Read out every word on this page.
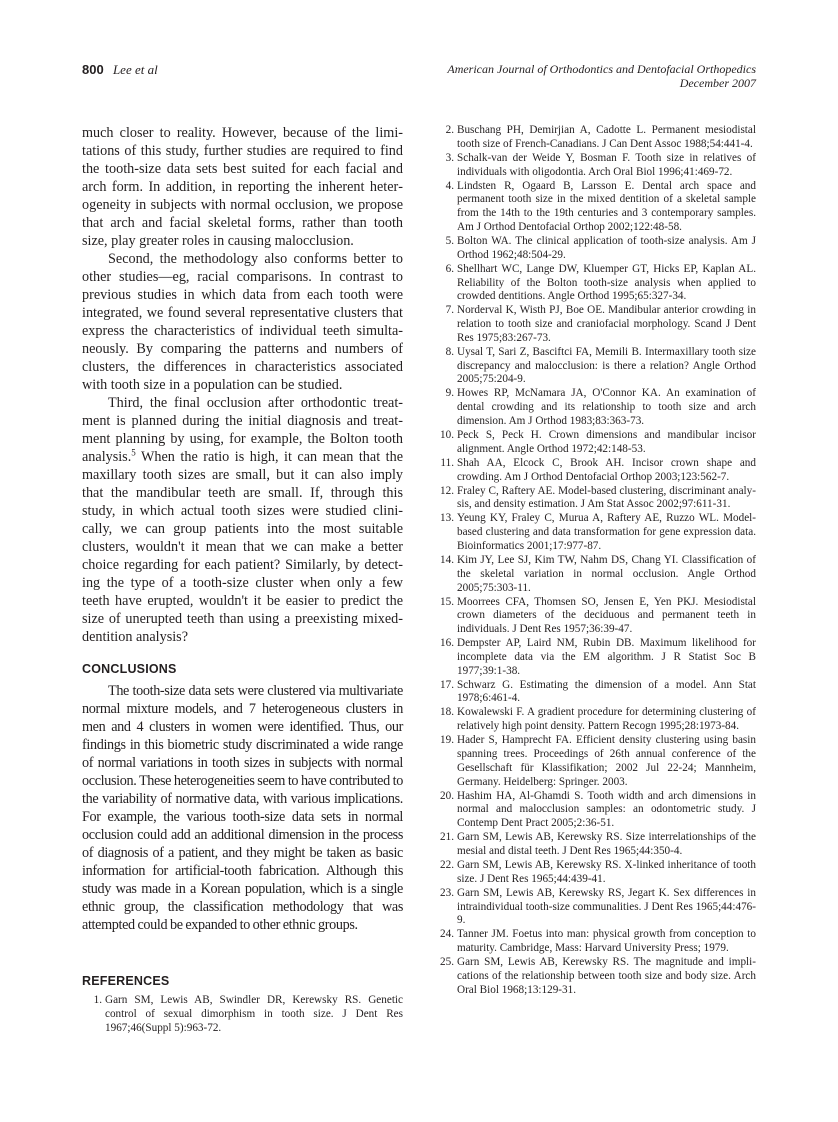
800 Lee et al	American Journal of Orthodontics and Dentofacial Orthopedics
December 2007

much closer to reality. However, because of the limitations of this study, further studies are required to find the tooth-size data sets best suited for each facial and arch form. In addition, in reporting the inherent heterogeneity in subjects with normal occlusion, we propose that arch and facial skeletal forms, rather than tooth size, play greater roles in causing malocclusion.

Second, the methodology also conforms better to other studies—eg, racial comparisons. In contrast to previous studies in which data from each tooth were integrated, we found several representative clusters that express the characteristics of individual teeth simultaneously. By comparing the patterns and numbers of clusters, the differences in characteristics associated with tooth size in a population can be studied.

Third, the final occlusion after orthodontic treatment is planned during the initial diagnosis and treatment planning by using, for example, the Bolton tooth analysis.$^5$ When the ratio is high, it can mean that the maxillary tooth sizes are small, but it can also imply that the mandibular teeth are small. If, through this study, in which actual tooth sizes were studied clinically, we can group patients into the most suitable clusters, wouldn't it mean that we can make a better choice regarding for each patient? Similarly, by detecting the type of a tooth-size cluster when only a few teeth have erupted, wouldn't it be easier to predict the size of unerupted teeth than using a preexisting mixed-dentition analysis?

CONCLUSIONS

The tooth-size data sets were clustered via multivariate normal mixture models, and 7 heterogeneous clusters in men and 4 clusters in women were identified. Thus, our findings in this biometric study discriminated a wide range of normal variations in tooth sizes in subjects with normal occlusion. These heterogeneities seem to have contributed to the variability of normative data, with various implications. For example, the various tooth-size data sets in normal occlusion could add an additional dimension in the process of diagnosis of a patient, and they might be taken as basic information for artificial-tooth fabrication. Although this study was made in a Korean population, which is a single ethnic group, the classification methodology that was attempted could be expanded to other ethnic groups.

REFERENCES
1. Garn SM, Lewis AB, Swindler DR, Kerewsky RS. Genetic control of sexual dimorphism in tooth size. J Dent Res 1967;46(Suppl 5):963-72.
2. Buschang PH, Demirjian A, Cadotte L. Permanent mesiodistal tooth size of French-Canadians. J Can Dent Assoc 1988;54:441-4.
3. Schalk-van der Weide Y, Bosman F. Tooth size in relatives of individuals with oligodontia. Arch Oral Biol 1996;41:469-72.
4. Lindsten R, Ogaard B, Larsson E. Dental arch space and permanent tooth size in the mixed dentition of a skeletal sample from the 14th to the 19th centuries and 3 contemporary samples. Am J Orthod Dentofacial Orthop 2002;122:48-58.
5. Bolton WA. The clinical application of tooth-size analysis. Am J Orthod 1962;48:504-29.
6. Shellhart WC, Lange DW, Kluemper GT, Hicks EP, Kaplan AL. Reliability of the Bolton tooth-size analysis when applied to crowded dentitions. Angle Orthod 1995;65:327-34.
7. Norderval K, Wisth PJ, Boe OE. Mandibular anterior crowding in relation to tooth size and craniofacial morphology. Scand J Dent Res 1975;83:267-73.
8. Uysal T, Sari Z, Basciftci FA, Memili B. Intermaxillary tooth size discrepancy and malocclusion: is there a relation? Angle Orthod 2005;75:204-9.
9. Howes RP, McNamara JA, O'Connor KA. An examination of dental crowding and its relationship to tooth size and arch dimension. Am J Orthod 1983;83:363-73.
10. Peck S, Peck H. Crown dimensions and mandibular incisor alignment. Angle Orthod 1972;42:148-53.
11. Shah AA, Elcock C, Brook AH. Incisor crown shape and crowding. Am J Orthod Dentofacial Orthop 2003;123:562-7.
12. Fraley C, Raftery AE. Model-based clustering, discriminant analysis, and density estimation. J Am Stat Assoc 2002;97:611-31.
13. Yeung KY, Fraley C, Murua A, Raftery AE, Ruzzo WL. Model-based clustering and data transformation for gene expression data. Bioinformatics 2001;17:977-87.
14. Kim JY, Lee SJ, Kim TW, Nahm DS, Chang YI. Classification of the skeletal variation in normal occlusion. Angle Orthod 2005;75:303-11.
15. Moorrees CFA, Thomsen SO, Jensen E, Yen PKJ. Mesiodistal crown diameters of the deciduous and permanent teeth in individuals. J Dent Res 1957;36:39-47.
16. Dempster AP, Laird NM, Rubin DB. Maximum likelihood for incomplete data via the EM algorithm. J R Statist Soc B 1977;39:1-38.
17. Schwarz G. Estimating the dimension of a model. Ann Stat 1978;6:461-4.
18. Kowalewski F. A gradient procedure for determining clustering of relatively high point density. Pattern Recogn 1995;28:1973-84.
19. Hader S, Hamprecht FA. Efficient density clustering using basin spanning trees. Proceedings of 26th annual conference of the Gesellschaft für Klassifikation; 2002 Jul 22-24; Mannheim, Germany. Heidelberg: Springer. 2003.
20. Hashim HA, Al-Ghamdi S. Tooth width and arch dimensions in normal and malocclusion samples: an odontometric study. J Contemp Dent Pract 2005;2:36-51.
21. Garn SM, Lewis AB, Kerewsky RS. Size interrelationships of the mesial and distal teeth. J Dent Res 1965;44:350-4.
22. Garn SM, Lewis AB, Kerewsky RS. X-linked inheritance of tooth size. J Dent Res 1965;44:439-41.
23. Garn SM, Lewis AB, Kerewsky RS, Jegart K. Sex differences in intraindividual tooth-size communalities. J Dent Res 1965;44:476-9.
24. Tanner JM. Foetus into man: physical growth from conception to maturity. Cambridge, Mass: Harvard University Press; 1979.
25. Garn SM, Lewis AB, Kerewsky RS. The magnitude and implications of the relationship between tooth size and body size. Arch Oral Biol 1968;13:129-31.
